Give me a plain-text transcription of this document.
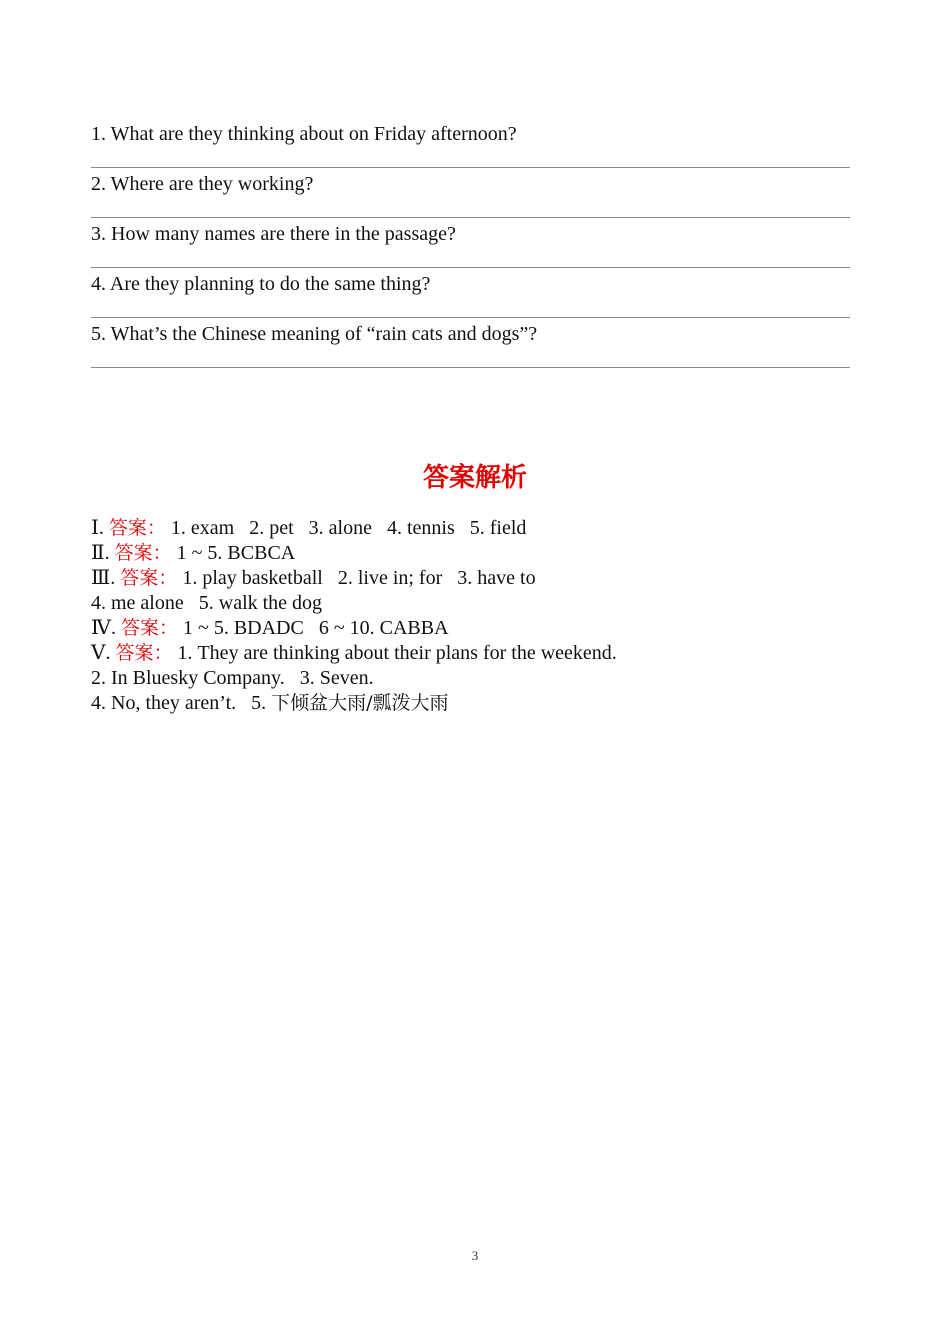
1. What are they thinking about on Friday afternoon?
2. Where are they working?
3. How many names are there in the passage?
4. Are they planning to do the same thing?
5. What’s the Chinese meaning of “rain cats and dogs”?
答案解析
Ⅰ. 答案： 1. exam   2. pet   3. alone   4. tennis   5. field
Ⅱ. 答案： 1 ~ 5. BCBCA
Ⅲ. 答案： 1. play basketball   2. live in; for   3. have to
4. me alone   5. walk the dog
Ⅳ. 答案： 1 ~ 5. BDADC   6 ~ 10. CABBA
Ⅴ. 答案： 1. They are thinking about their plans for the weekend.
2. In Bluesky Company.   3. Seven.
4. No, they aren’t.   5. 下倾盆大雨/瓢泼大雨
3
